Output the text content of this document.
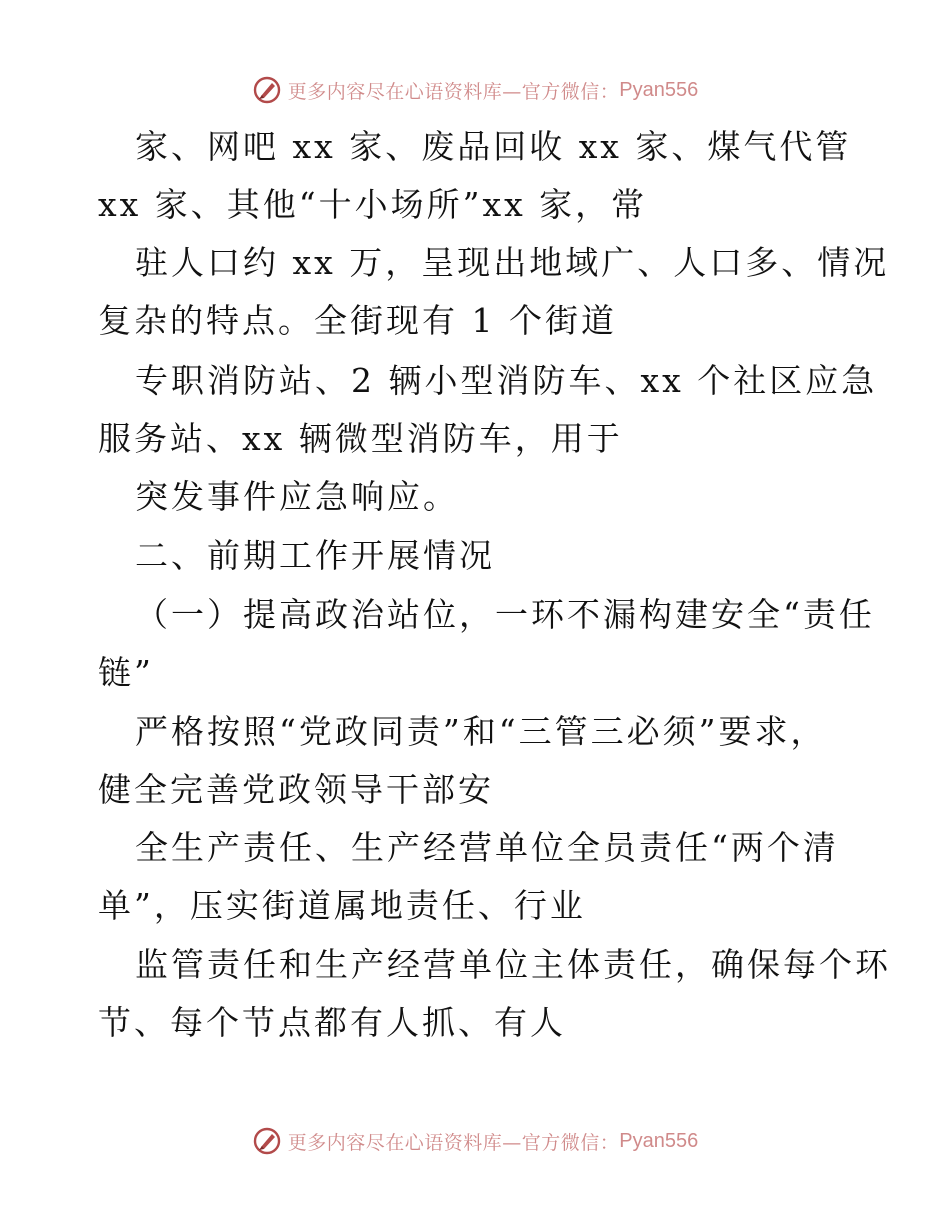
更多内容尽在心语资料库—官方微信： Pyan556
家、网吧 xx 家、废品回收 xx 家、煤气代管
xx 家、其他“十小场所”xx 家，常
驻人口约 xx 万，呈现出地域广、人口多、情况
复杂的特点。全街现有 1 个街道
专职消防站、2 辆小型消防车、xx 个社区应急
服务站、xx 辆微型消防车，用于
突发事件应急响应。
二、前期工作开展情况
（一）提高政治站位，一环不漏构建安全“责任
链”
严格按照“党政同责”和“三管三必须”要求，
健全完善党政领导干部安
全生产责任、生产经营单位全员责任“两个清
单”，压实街道属地责任、行业
监管责任和生产经营单位主体责任，确保每个环
节、每个节点都有人抓、有人
更多内容尽在心语资料库—官方微信： Pyan556
